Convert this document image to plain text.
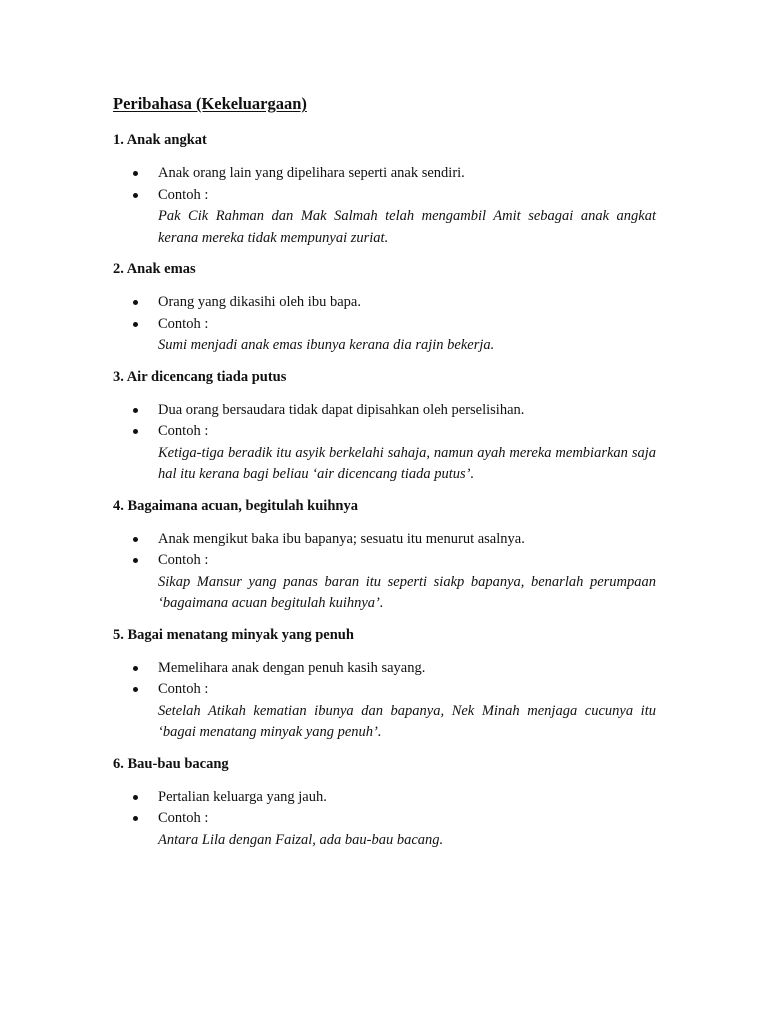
Peribahasa (Kekeluargaan)
1. Anak angkat
Anak orang lain yang dipelihara seperti anak sendiri.
Contoh :
Pak Cik Rahman dan Mak Salmah telah mengambil Amit sebagai anak angkat kerana mereka tidak mempunyai zuriat.
2. Anak emas
Orang yang dikasihi oleh ibu bapa.
Contoh :
Sumi menjadi anak emas ibunya kerana dia rajin bekerja.
3. Air dicencang tiada putus
Dua orang bersaudara tidak dapat dipisahkan oleh perselisihan.
Contoh :
Ketiga-tiga beradik itu asyik berkelahi sahaja, namun ayah mereka membiarkan saja hal itu kerana bagi beliau ‘air dicencang tiada putus’.
4. Bagaimana acuan, begitulah kuihnya
Anak mengikut baka ibu bapanya; sesuatu itu menurut asalnya.
Contoh :
Sikap Mansur yang panas baran itu seperti siakp bapanya, benarlah perumpaan ‘bagaimana acuan begitulah kuihnya’.
5. Bagai menatang minyak yang penuh
Memelihara anak dengan penuh kasih sayang.
Contoh :
Setelah Atikah kematian ibunya dan bapanya, Nek Minah menjaga cucunya itu ‘bagai menatang minyak yang penuh’.
6. Bau-bau bacang
Pertalian keluarga yang jauh.
Contoh :
Antara Lila dengan Faizal, ada bau-bau bacang.
